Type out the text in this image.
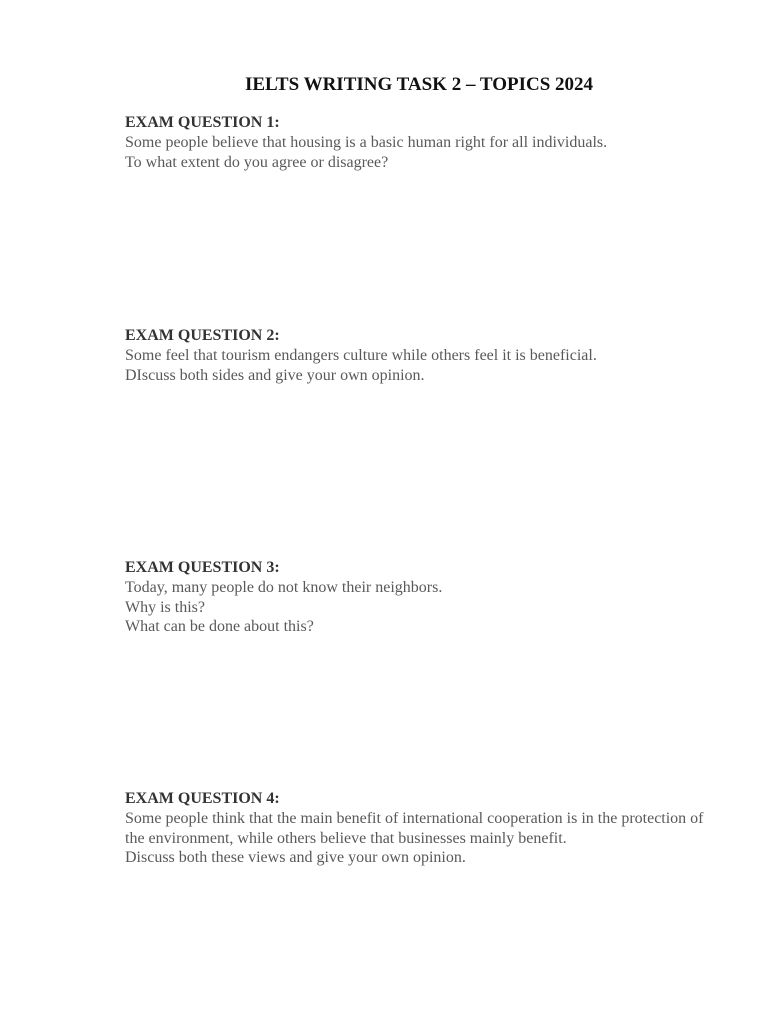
IELTS WRITING TASK 2 – TOPICS 2024

EXAM QUESTION 1:

Some people believe that housing is a basic human right for all individuals.

To what extent do you agree or disagree?

EXAM QUESTION 2:

Some feel that tourism endangers culture while others feel it is beneficial.

DIscuss both sides and give your own opinion.

EXAM QUESTION 3:

Today, many people do not know their neighbors.

Why is this?

What can be done about this?

EXAM QUESTION 4:

Some people think that the main benefit of international cooperation is in the protection of

the environment, while others believe that businesses mainly benefit.

Discuss both these views and give your own opinion.
